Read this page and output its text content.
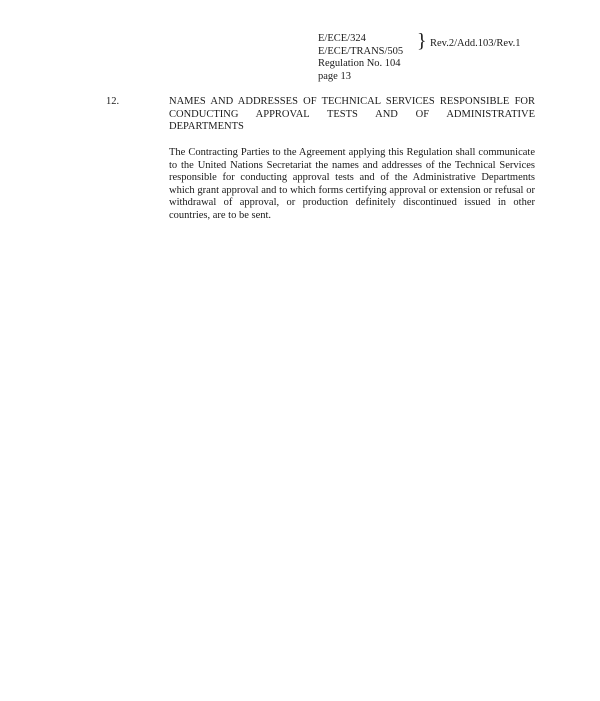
E/ECE/324
E/ECE/TRANS/505
Regulation No. 104
page 13
} Rev.2/Add.103/Rev.1
12.	NAMES AND ADDRESSES OF TECHNICAL SERVICES RESPONSIBLE FOR CONDUCTING APPROVAL TESTS AND OF ADMINISTRATIVE DEPARTMENTS
The Contracting Parties to the Agreement applying this Regulation shall communicate to the United Nations Secretariat the names and addresses of the Technical Services responsible for conducting approval tests and of the Administrative Departments which grant approval and to which forms certifying approval or extension or refusal or withdrawal of approval, or production definitely discontinued issued in other countries, are to be sent.
